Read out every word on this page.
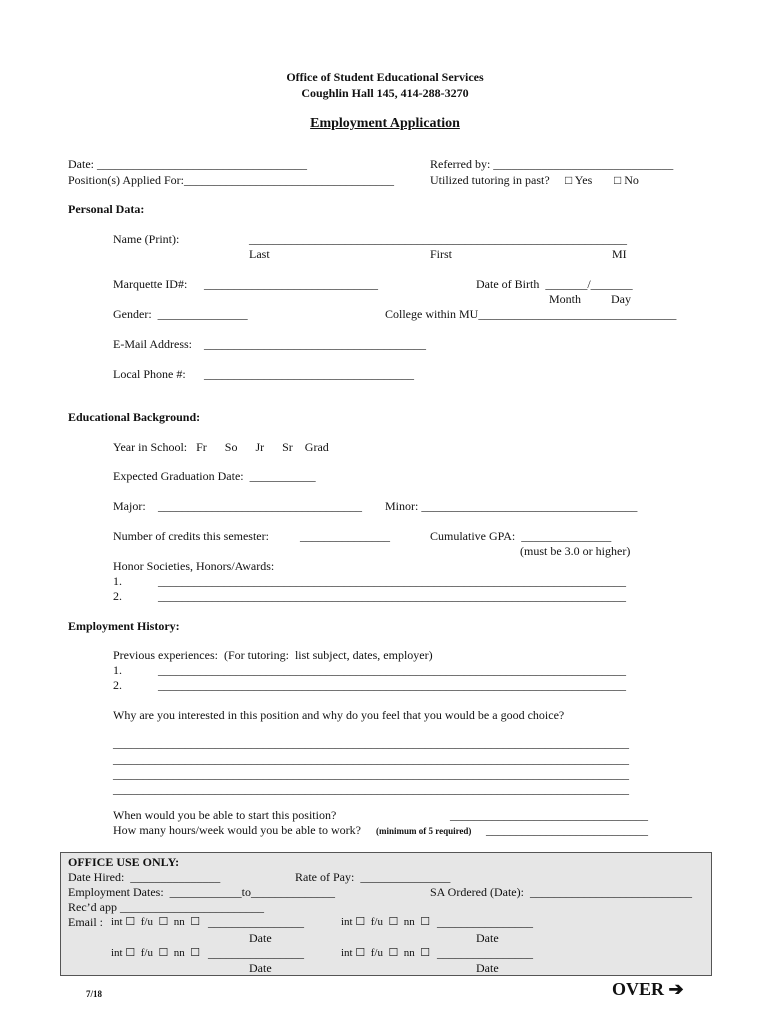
Office of Student Educational Services
Coughlin Hall 145, 414-288-3270
Employment Application
Date: ___________________________________
Position(s) Applied For:___________________________________
Referred by: ______________________________
Utilized tutoring in past? □ Yes □ No
Personal Data:
Name (Print):	_______________________________________________________________
Last	First	MI
Marquette ID#: _____________________________	Date of Birth  _______/_______
Month Day
Gender:  _______________	College within MU_________________________________
E-Mail Address: _____________________________________
Local Phone #: ___________________________________
Educational Background:
Year in School:   Fr      So      Jr      Sr    Grad
Expected Graduation Date:  ___________
Major: __________________________________ Minor: ____________________________________
Number of credits this semester:	_______________	Cumulative GPA:  _______________
(must be 3.0 or higher)
Honor Societies, Honors/Awards:
1.	______________________________________________________________________________
2.	______________________________________________________________________________
Employment History:
Previous experiences:  (For tutoring:  list subject, dates, employer)
1.	______________________________________________________________________________
2.	______________________________________________________________________________
Why are you interested in this position and why do you feel that you would be a good choice?
______________________________________________________________________________________
______________________________________________________________________________________
______________________________________________________________________________________
______________________________________________________________________________________
When would you be able to start this position?	_________________________________
How many hours/week would you be able to work? (minimum of 5 required) ___________________________
OFFICE USE ONLY:
Date Hired:  _______________	Rate of Pay:  _______________
Employment Dates:  ____________to______________	SA Ordered (Date):  ___________________________
Rec’d app ________________________
Email : int ☐  f/u  ☐  nn  ☐ ________________	int ☐  f/u  ☐  nn  ☐ ________________
Date	Date
int ☐  f/u  ☐  nn  ☐ ________________	int ☐  f/u  ☐  nn  ☐ ________________
Date	Date
7/18	OVER ➔
